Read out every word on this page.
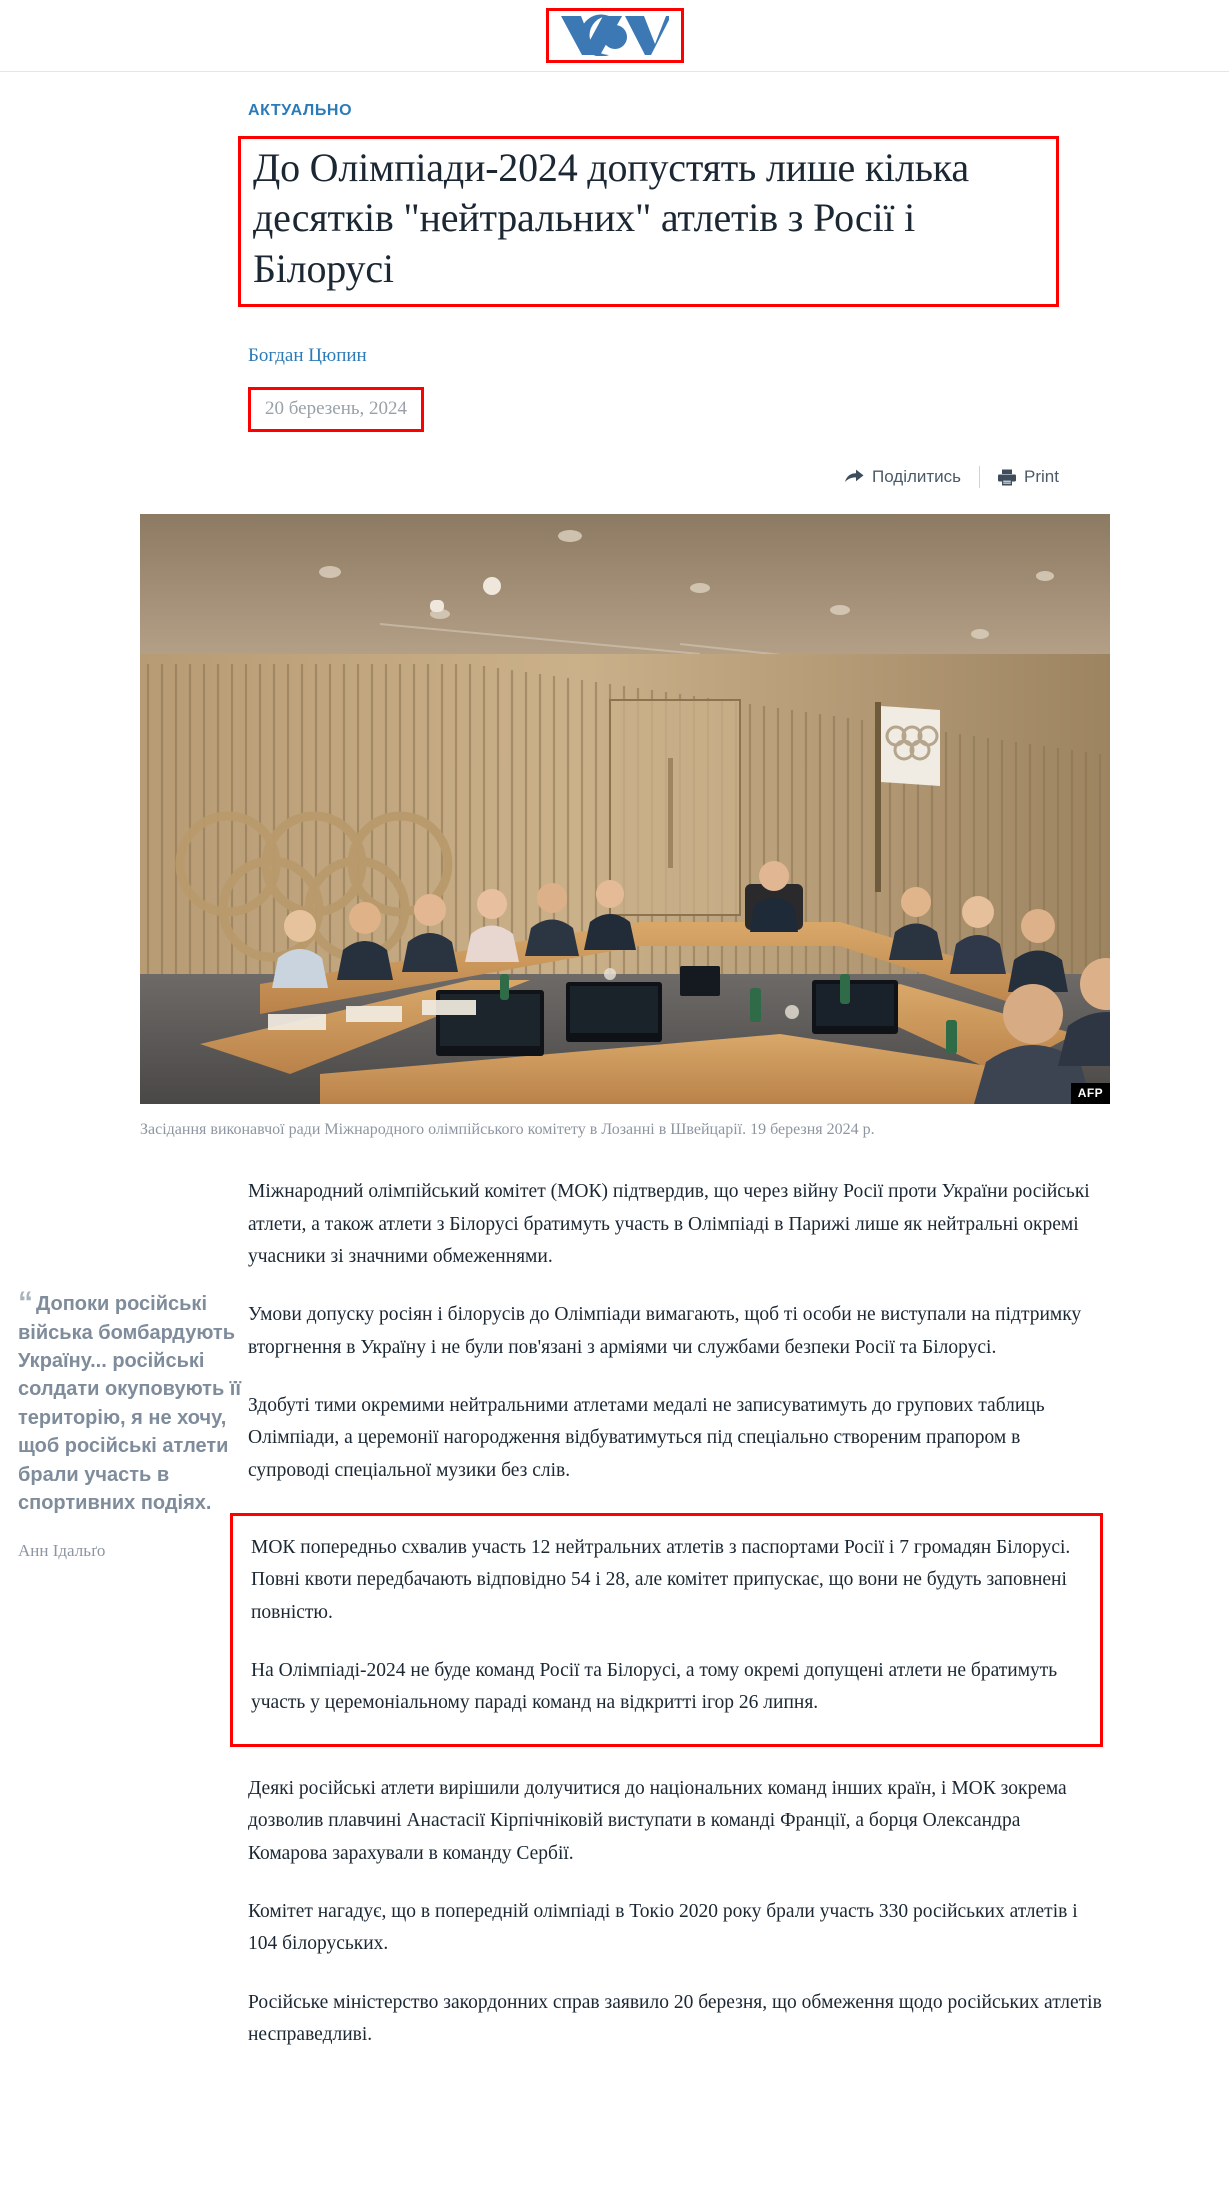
АКТУАЛЬНО
До Олімпіади-2024 допустять лише кілька десятків "нейтральних" атлетів з Росії і Білорусі
Богдан Цюпин
20 березень, 2024
Поділитись	Print
AFP
Засідання виконавчої ради Міжнародного олімпійського комітету в Лозанні в Швейцарії. 19 березня 2024 р.

“ Допоки російські війська бомбардують Україну... російські солдати окуповують її територію, я не хочу, щоб російські атлети брали участь в спортивних подіях.

Анн Ідальґо

Міжнародний олімпійський комітет (МОК) підтвердив, що через війну Росії проти України російські атлети, а також атлети з Білорусі братимуть участь в Олімпіаді в Парижі лише як нейтральні окремі учасники зі значними обмеженнями.

Умови допуску росіян і білорусів до Олімпіади вимагають, щоб ті особи не виступали на підтримку вторгнення в Україну і не були пов'язані з арміями чи службами безпеки Росії та Білорусі.

Здобуті тими окремими нейтральними атлетами медалі не записуватимуть до групових таблиць Олімпіади, а церемонії нагородження відбуватимуться під спеціально створеним прапором в супроводі спеціальної музики без слів.

МОК попередньо схвалив участь 12 нейтральних атлетів з паспортами Росії і 7 громадян Білорусі. Повні квоти передбачають відповідно 54 і 28, але комітет припускає, що вони не будуть заповнені повністю.

На Олімпіаді-2024 не буде команд Росії та Білорусі, а тому окремі допущені атлети не братимуть участь у церемоніальному параді команд на відкритті ігор 26 липня.

Деякі російські атлети вирішили долучитися до національних команд інших країн, і МОК зокрема дозволив плавчині Анастасії Кірпічніковій виступати в команді Франції, а борця Олександра Комарова зарахували в команду Сербії.

Комітет нагадує, що в попередній олімпіаді в Токіо 2020 року брали участь 330 російських атлетів і 104 білоруських.

Російське міністерство закордонних справ заявило 20 березня, що обмеження щодо російських атлетів несправедливі.
